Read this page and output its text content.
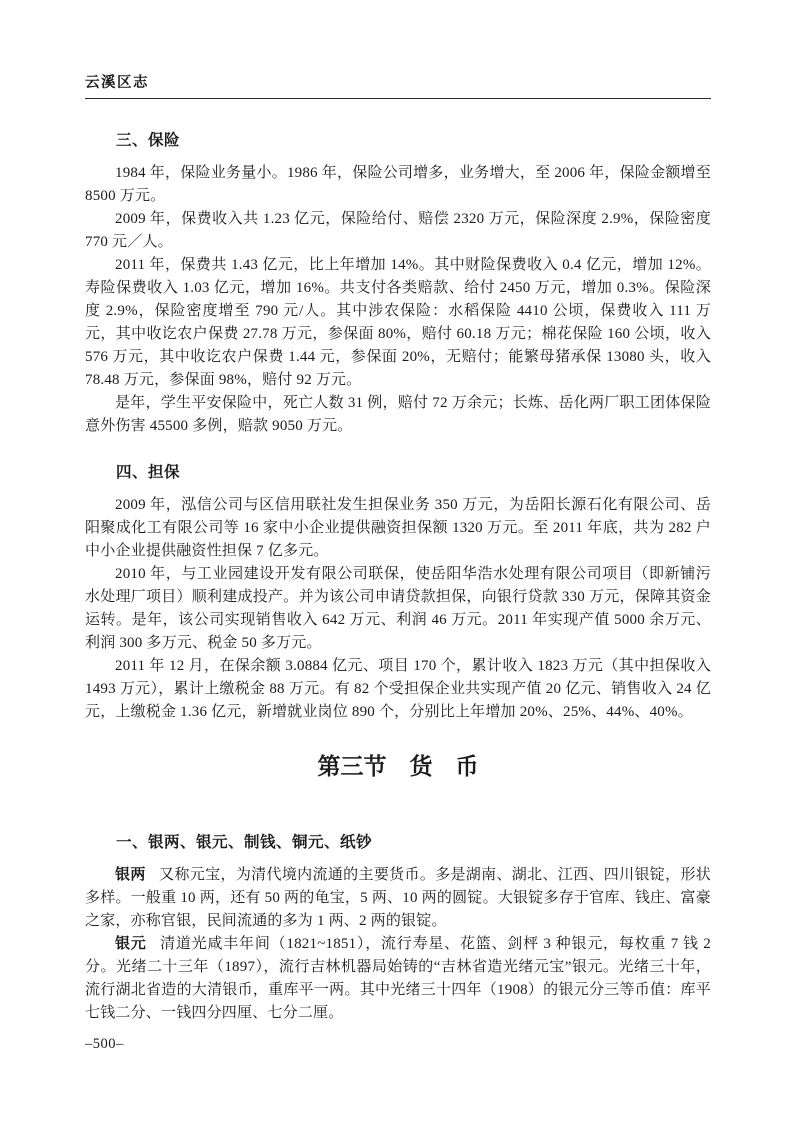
云溪区志
三、保险

1984 年，保险业务量小。1986 年，保险公司增多，业务增大，至 2006 年，保险金额增至 8500 万元。

2009 年，保费收入共 1.23 亿元，保险给付、赔偿 2320 万元，保险深度 2.9%，保险密度 770 元／人。

2011 年，保费共 1.43 亿元，比上年增加 14%。其中财险保费收入 0.4 亿元，增加 12%。寿险保费收入 1.03 亿元，增加 16%。共支付各类赔款、给付 2450 万元，增加 0.3%。保险深度 2.9%，保险密度增至 790 元/人。其中涉农保险：水稻保险 4410 公顷，保费收入 111 万元，其中收讫农户保费 27.78 万元，参保面 80%，赔付 60.18 万元；棉花保险 160 公顷，收入 576 万元，其中收讫农户保费 1.44 元，参保面 20%，无赔付；能繁母猪承保 13080 头，收入 78.48 万元，参保面 98%，赔付 92 万元。

是年，学生平安保险中，死亡人数 31 例，赔付 72 万余元；长炼、岳化两厂职工团体保险意外伤害 45500 多例，赔款 9050 万元。

四、担保

2009 年，泓信公司与区信用联社发生担保业务 350 万元，为岳阳长源石化有限公司、岳阳聚成化工有限公司等 16 家中小企业提供融资担保额 1320 万元。至 2011 年底，共为 282 户中小企业提供融资性担保 7 亿多元。

2010 年，与工业园建设开发有限公司联保，使岳阳华浩水处理有限公司项目（即新铺污水处理厂项目）顺利建成投产。并为该公司申请贷款担保，向银行贷款 330 万元，保障其资金运转。是年，该公司实现销售收入 642 万元、利润 46 万元。2011 年实现产值 5000 余万元、利润 300 多万元、税金 50 多万元。

2011 年 12 月，在保余额 3.0884 亿元、项目 170 个，累计收入 1823 万元（其中担保收入 1493 万元），累计上缴税金 88 万元。有 82 个受担保企业共实现产值 20 亿元、销售收入 24 亿元，上缴税金 1.36 亿元，新增就业岗位 890 个，分别比上年增加 20%、25%、44%、40%。

第三节　货　币
一、银两、银元、制钱、铜元、纸钞

银两 又称元宝，为清代境内流通的主要货币。多是湖南、湖北、江西、四川银锭，形状多样。一般重 10 两，还有 50 两的龟宝，5 两、10 两的圆锭。大银锭多存于官库、钱庄、富豪之家，亦称官银，民间流通的多为 1 两、2 两的银锭。

银元 清道光咸丰年间（1821~1851），流行寿星、花篮、剑枰 3 种银元，每枚重 7 钱 2 分。光绪二十三年（1897），流行吉林机器局始铸的“吉林省造光绪元宝”银元。光绪三十年，流行湖北省造的大清银币，重库平一两。其中光绪三十四年（1908）的银元分三等币值：库平七钱二分、一钱四分四厘、七分二厘。

–500–
